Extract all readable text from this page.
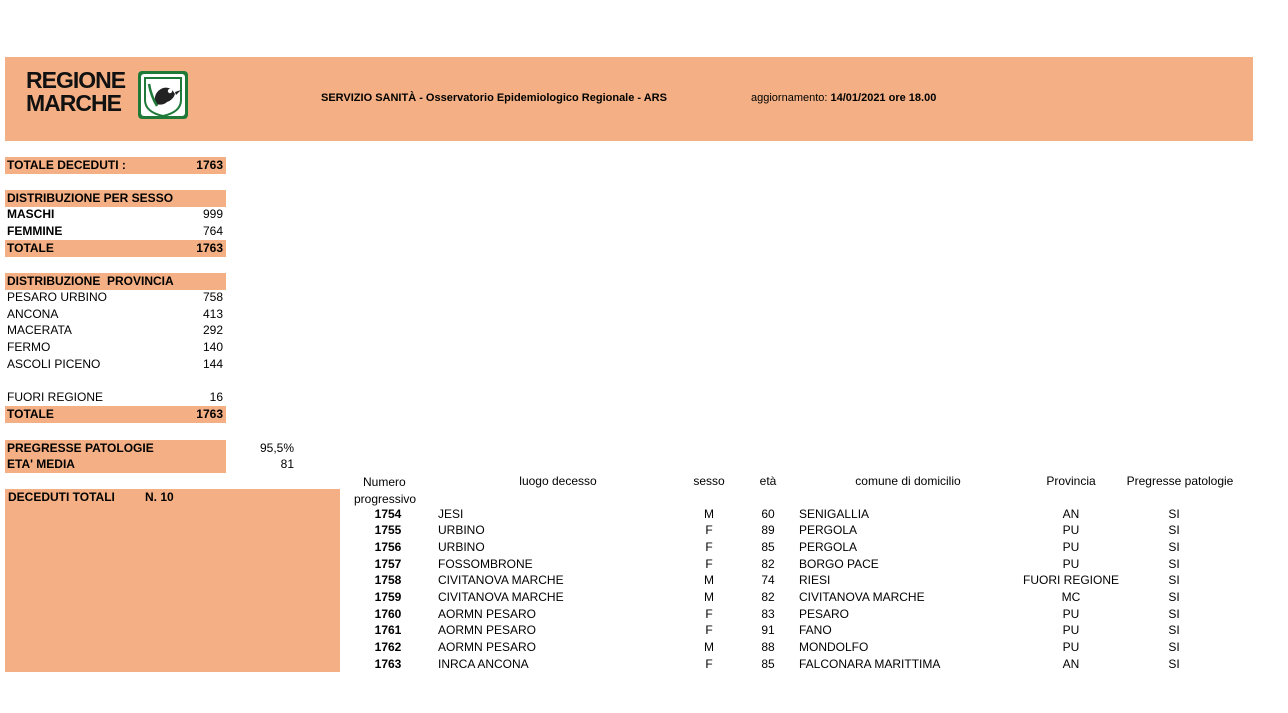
REGIONE
MARCHE	SERVIZIO SANITÀ - Osservatorio Epidemiologico Regionale - ARS	aggiornamento: 14/01/2021 ore 18.00
TOTALE DECEDUTI :	1763
DISTRIBUZIONE PER SESSO
MASCHI	999
FEMMINE	764
TOTALE	1763
DISTRIBUZIONE  PROVINCIA
PESARO URBINO	758
ANCONA	413
MACERATA	292
FERMO	140
ASCOLI PICENO	144
FUORI REGIONE	16
TOTALE	1763
PREGRESSE PATOLOGIE	95,5%
ETA' MEDIA	81
DECEDUTI TOTALI	N. 10
Numero
progressivo
luogo decesso	sesso	età	comune di domicilio	Provincia	Pregresse patologie
1754	JESI	M	60	SENIGALLIA	AN	SI
1755	URBINO	F	89	PERGOLA	PU	SI
1756	URBINO	F	85	PERGOLA	PU	SI
1757	FOSSOMBRONE	F	82	BORGO PACE	PU	SI
1758	CIVITANOVA MARCHE	M	74	RIESI	FUORI REGIONE	SI
1759	CIVITANOVA MARCHE	M	82	CIVITANOVA MARCHE	MC	SI
1760	AORMN PESARO	F	83	PESARO	PU	SI
1761	AORMN PESARO	F	91	FANO	PU	SI
1762	AORMN PESARO	M	88	MONDOLFO	PU	SI
1763	INRCA ANCONA	F	85	FALCONARA MARITTIMA	AN	SI
